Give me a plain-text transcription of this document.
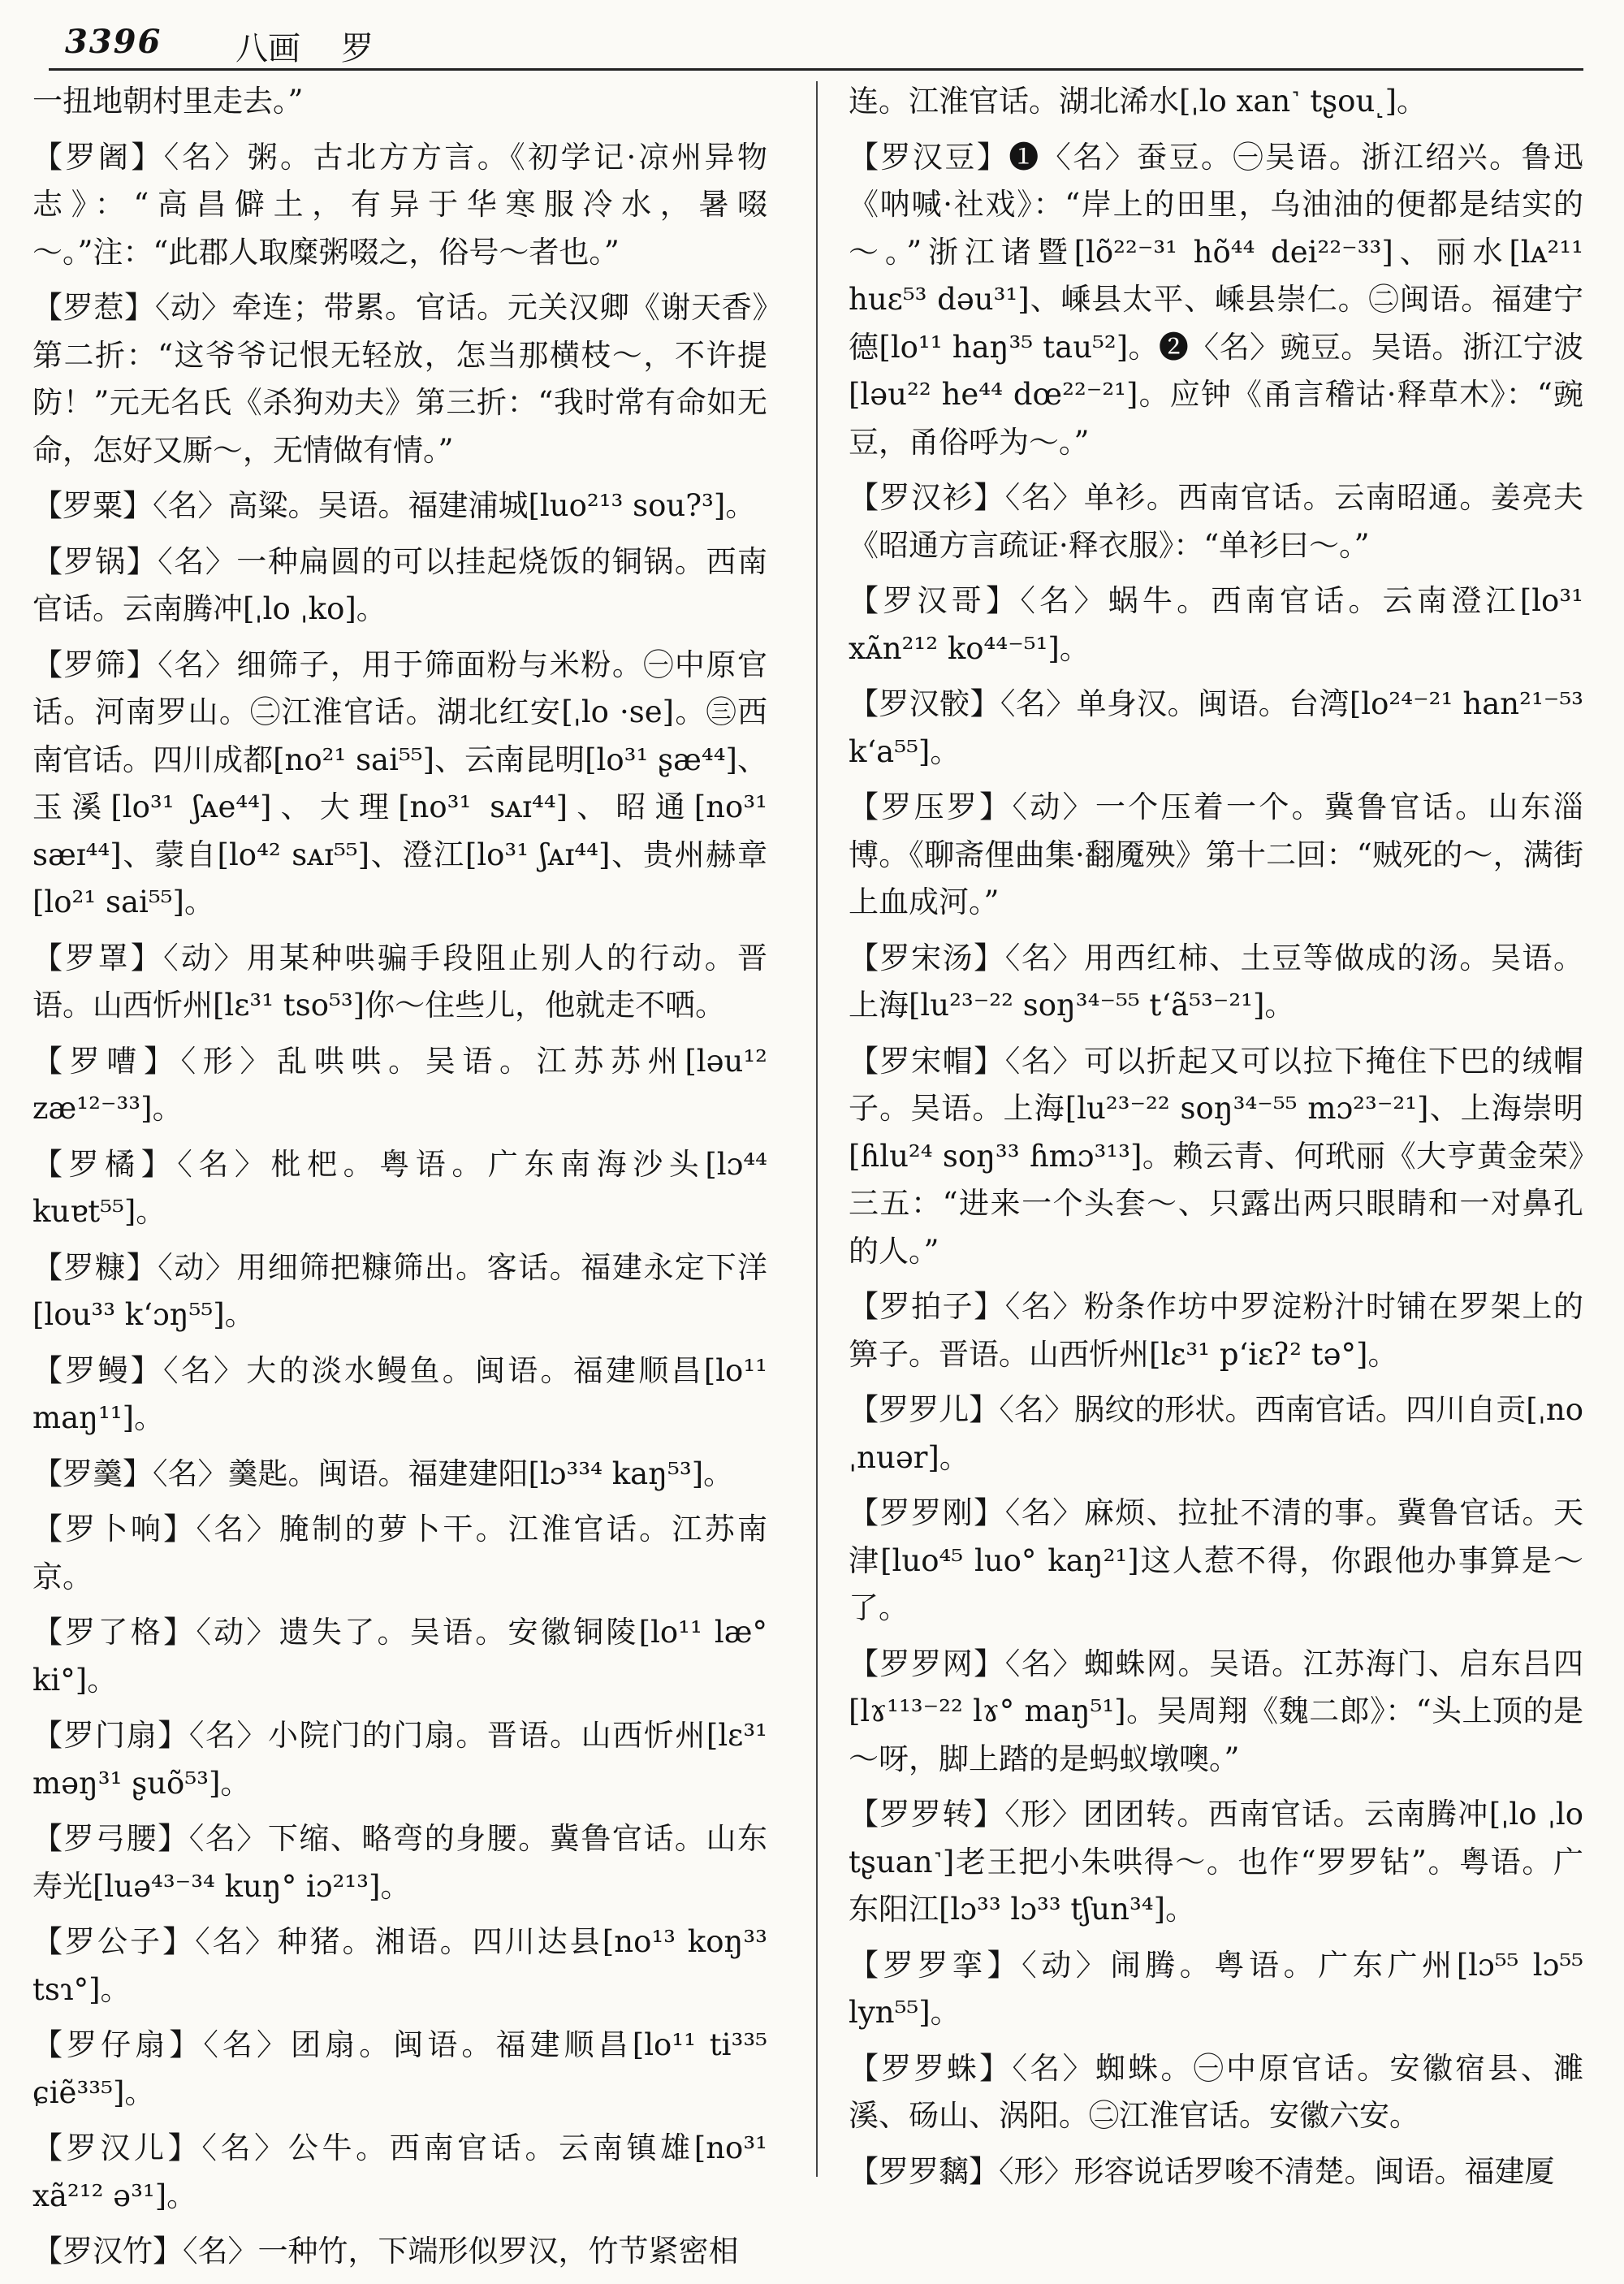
3396 八画 罗
一扭地朝村里走去。”
【罗阇】〈名〉粥。古北方方言。《初学记·凉州异物志》：“高昌僻土，有异于华寒服冷水，暑啜～。”注：“此郡人取糜粥啜之，俗号～者也。”
【罗惹】〈动〉牵连；带累。官话。元关汉卿《谢天香》第二折：“这爷爷记恨无轻放，怎当那横枝～，不许提防！”元无名氏《杀狗劝夫》第三折：“我时常有命如无命，怎好又厮～，无情做有情。”
【罗粟】〈名〉高粱。吴语。福建浦城[luo²¹³ sou?³]。
【罗锅】〈名〉一种扁圆的可以挂起烧饭的铜锅。西南官话。云南腾冲[ˌlo ˌko]。
【罗筛】〈名〉细筛子，用于筛面粉与米粉。㊀中原官话。河南罗山。㊁江淮官话。湖北红安[ˌlo ·se]。㊂西南官话。四川成都[no²¹ sai⁵⁵]、云南昆明[lo³¹ ʂæ⁴⁴]、玉溪[lo³¹ ʃᴀe⁴⁴]、大理[no³¹ sᴀɪ⁴⁴]、昭通[no³¹ sæɪ⁴⁴]、蒙自[lo⁴² sᴀɪ⁵⁵]、澄江[lo³¹ ʃᴀɪ⁴⁴]、贵州赫章[lo²¹ sai⁵⁵]。
【罗罩】〈动〉用某种哄骗手段阻止别人的行动。晋语。山西忻州[lɛ³¹ tso⁵³]你～住些儿，他就走不哂。
【罗嘈】〈形〉乱哄哄。吴语。江苏苏州[ləu¹² zæ¹²⁻³³]。
【罗橘】〈名〉枇杷。粤语。广东南海沙头[lɔ⁴⁴ kuɐt⁵⁵]。
【罗糠】〈动〉用细筛把糠筛出。客话。福建永定下洋[lou³³ k‘ɔŋ⁵⁵]。
【罗鳗】〈名〉大的淡水鳗鱼。闽语。福建顺昌[lo¹¹ maŋ¹¹]。
【罗羹】〈名〉羹匙。闽语。福建建阳[lɔ³³⁴ kaŋ⁵³]。
【罗卜响】〈名〉腌制的萝卜干。江淮官话。江苏南京。
【罗了格】〈动〉遗失了。吴语。安徽铜陵[lo¹¹ læ° ki°]。
【罗门扇】〈名〉小院门的门扇。晋语。山西忻州[lɛ³¹ məŋ³¹ ʂuõ⁵³]。
【罗弓腰】〈名〉下缩、略弯的身腰。冀鲁官话。山东寿光[luə⁴³⁻³⁴ kuŋ° iɔ²¹³]。
【罗公子】〈名〉种猪。湘语。四川达县[no¹³ koŋ³³ tsɿ°]。
【罗仔扇】〈名〉团扇。闽语。福建顺昌[lo¹¹ ti³³⁵ ɕiẽ³³⁵]。
【罗汉儿】〈名〉公牛。西南官话。云南镇雄[no³¹ xã²¹² ə³¹]。
【罗汉竹】〈名〉一种竹，下端形似罗汉，竹节紧密相
连。江淮官话。湖北浠水[ˌlo xan˺ tʂou˻]。
【罗汉豆】❶〈名〉蚕豆。㊀吴语。浙江绍兴。鲁迅《呐喊·社戏》：“岸上的田里，乌油油的便都是结实的～。”浙江诸暨[lõ²²⁻³¹ hõ⁴⁴ dei²²⁻³³]、丽水[lᴀ²¹¹ huɛ⁵³ dəu³¹]、嵊县太平、嵊县崇仁。㊁闽语。福建宁德[lo¹¹ haŋ³⁵ tau⁵²]。❷〈名〉豌豆。吴语。浙江宁波[ləu²² he⁴⁴ dœ²²⁻²¹]。应钟《甬言稽诂·释草木》：“豌豆，甬俗呼为～。”
【罗汉衫】〈名〉单衫。西南官话。云南昭通。姜亮夫《昭通方言疏证·释衣服》：“单衫曰～。”
【罗汉哥】〈名〉蜗牛。西南官话。云南澄江[lo³¹ xᴀ̃n²¹² ko⁴⁴⁻⁵¹]。
【罗汉骹】〈名〉单身汉。闽语。台湾[lo²⁴⁻²¹ han²¹⁻⁵³ k‘a⁵⁵]。
【罗压罗】〈动〉一个压着一个。冀鲁官话。山东淄博。《聊斋俚曲集·翻魇殃》第十二回：“贼死的～，满街上血成河。”
【罗宋汤】〈名〉用西红柿、土豆等做成的汤。吴语。上海[lu²³⁻²² soŋ³⁴⁻⁵⁵ t‘ã⁵³⁻²¹]。
【罗宋帽】〈名〉可以折起又可以拉下掩住下巴的绒帽子。吴语。上海[lu²³⁻²² soŋ³⁴⁻⁵⁵ mɔ²³⁻²¹]、上海崇明[ɦlu²⁴ soŋ³³ ɦmɔ³¹³]。赖云青、何玳丽《大亨黄金荣》三五：“进来一个头套～、只露出两只眼睛和一对鼻孔的人。”
【罗拍子】〈名〉粉条作坊中罗淀粉汁时铺在罗架上的箅子。晋语。山西忻州[lɛ³¹ p‘iɛʔ² tə°]。
【罗罗儿】〈名〉脶纹的形状。西南官话。四川自贡[ˌno ˌnuər]。
【罗罗刚】〈名〉麻烦、拉扯不清的事。冀鲁官话。天津[luo⁴⁵ luo° kaŋ²¹]这人惹不得，你跟他办事算是～了。
【罗罗网】〈名〉蜘蛛网。吴语。江苏海门、启东吕四[lɤ¹¹³⁻²² lɤ° maŋ⁵¹]。吴周翔《魏二郎》：“头上顶的是～呀，脚上踏的是蚂蚁墩噢。”
【罗罗转】〈形〉团团转。西南官话。云南腾冲[ˌlo ˌlo tʂuan˺]老王把小朱哄得～。也作“罗罗钻”。粤语。广东阳江[lɔ³³ lɔ³³ tʃun³⁴]。
【罗罗挛】〈动〉闹腾。粤语。广东广州[lɔ⁵⁵ lɔ⁵⁵ lyn⁵⁵]。
【罗罗蛛】〈名〉蜘蛛。㊀中原官话。安徽宿县、濉溪、砀山、涡阳。㊁江淮官话。安徽六安。
【罗罗黐】〈形〉形容说话罗唆不清楚。闽语。福建厦
